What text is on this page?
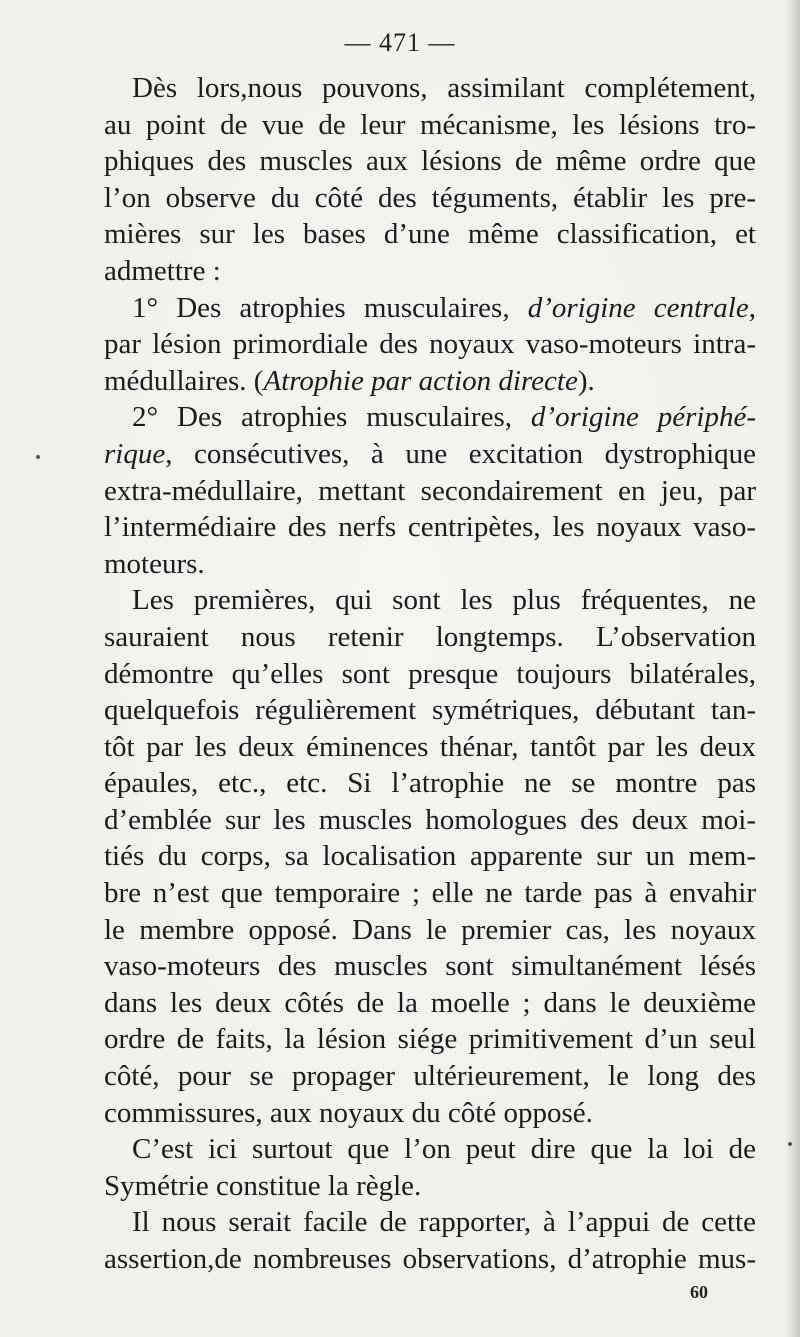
— 471 —
Dès lors,nous pouvons, assimilant complétement,
au point de vue de leur mécanisme, les lésions tro-
phiques des muscles aux lésions de même ordre que
l’on observe du côté des téguments, établir les pre-
mières sur les bases d’une même classification, et
admettre :
1° Des atrophies musculaires, d’origine centrale,
par lésion primordiale des noyaux vaso-moteurs intra-
médullaires. (Atrophie par action directe).
2° Des atrophies musculaires, d’origine périphé-
rique, consécutives, à une excitation dystrophique
extra-médullaire, mettant secondairement en jeu, par
l’intermédiaire des nerfs centripètes, les noyaux vaso-
moteurs.
Les premières, qui sont les plus fréquentes, ne
sauraient nous retenir longtemps. L’observation
démontre qu’elles sont presque toujours bilatérales,
quelquefois régulièrement symétriques, débutant tan-
tôt par les deux éminences thénar, tantôt par les deux
épaules, etc., etc. Si l’atrophie ne se montre pas
d’emblée sur les muscles homologues des deux moi-
tiés du corps, sa localisation apparente sur un mem-
bre n’est que temporaire ; elle ne tarde pas à envahir
le membre opposé. Dans le premier cas, les noyaux
vaso-moteurs des muscles sont simultanément lésés
dans les deux côtés de la moelle ; dans le deuxième
ordre de faits, la lésion siége primitivement d’un seul
côté, pour se propager ultérieurement, le long des
commissures, aux noyaux du côté opposé.
C’est ici surtout que l’on peut dire que la loi de
Symétrie constitue la règle.
Il nous serait facile de rapporter, à l’appui de cette
assertion,de nombreuses observations, d’atrophie mus-
60
